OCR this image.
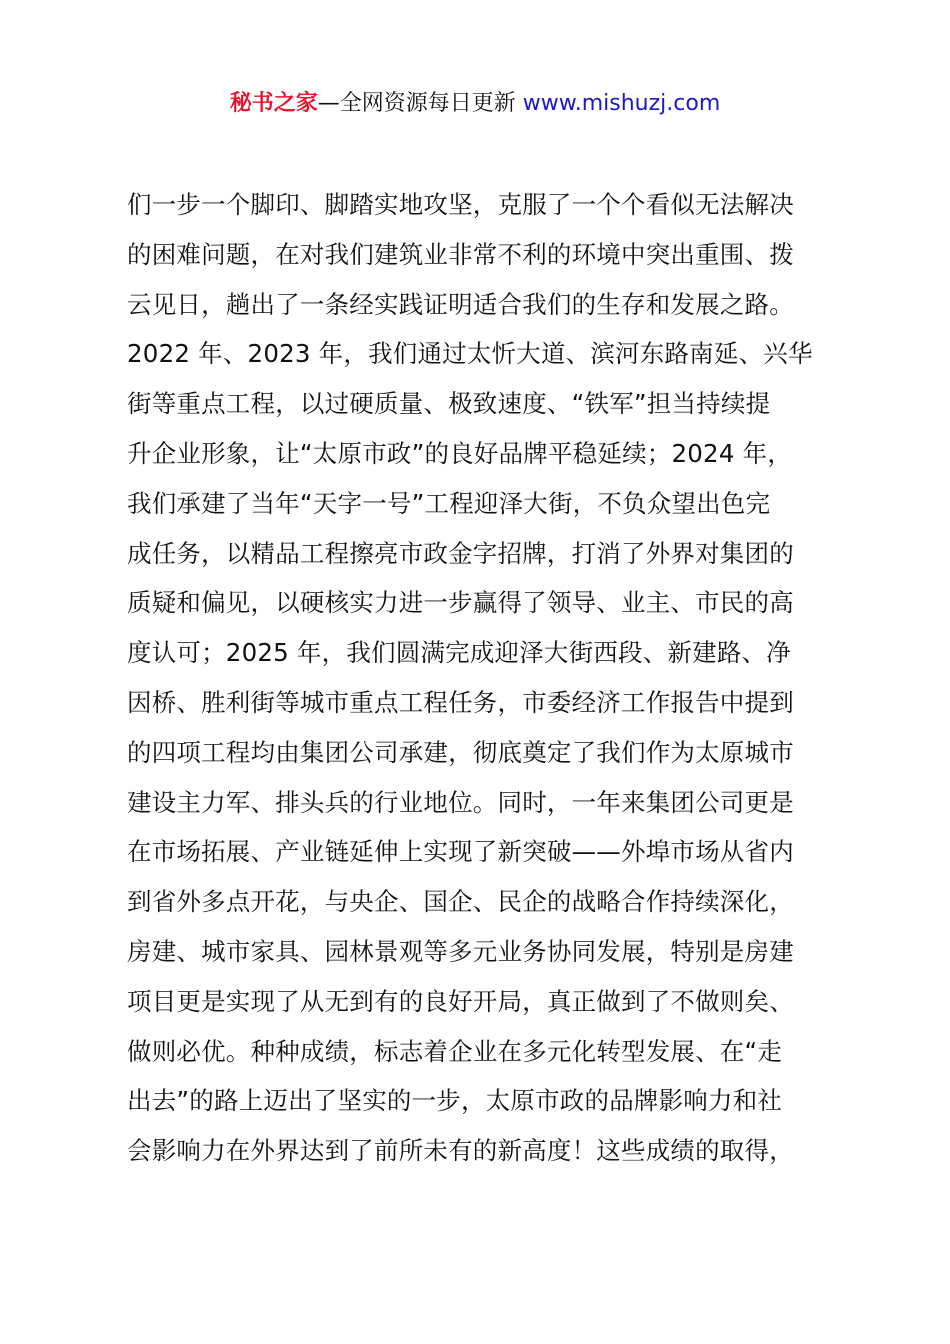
秘书之家—全网资源每日更新 www.mishuzj.com
们一步一个脚印、脚踏实地攻坚，克服了一个个看似无法解决
的困难问题，在对我们建筑业非常不利的环境中突出重围、拨
云见日，趟出了一条经实践证明适合我们的生存和发展之路。
2022 年、2023 年，我们通过太忻大道、滨河东路南延、兴华
街等重点工程，以过硬质量、极致速度、“铁军”担当持续提
升企业形象，让“太原市政”的良好品牌平稳延续；2024 年，
我们承建了当年“天字一号”工程迎泽大街，不负众望出色完
成任务，以精品工程擦亮市政金字招牌，打消了外界对集团的
质疑和偏见，以硬核实力进一步赢得了领导、业主、市民的高
度认可；2025 年，我们圆满完成迎泽大街西段、新建路、净
因桥、胜利街等城市重点工程任务，市委经济工作报告中提到
的四项工程均由集团公司承建，彻底奠定了我们作为太原城市
建设主力军、排头兵的行业地位。同时，一年来集团公司更是
在市场拓展、产业链延伸上实现了新突破——外埠市场从省内
到省外多点开花，与央企、国企、民企的战略合作持续深化，
房建、城市家具、园林景观等多元业务协同发展，特别是房建
项目更是实现了从无到有的良好开局，真正做到了不做则矣、
做则必优。种种成绩，标志着企业在多元化转型发展、在“走
出去”的路上迈出了坚实的一步，太原市政的品牌影响力和社
会影响力在外界达到了前所未有的新高度！这些成绩的取得，
